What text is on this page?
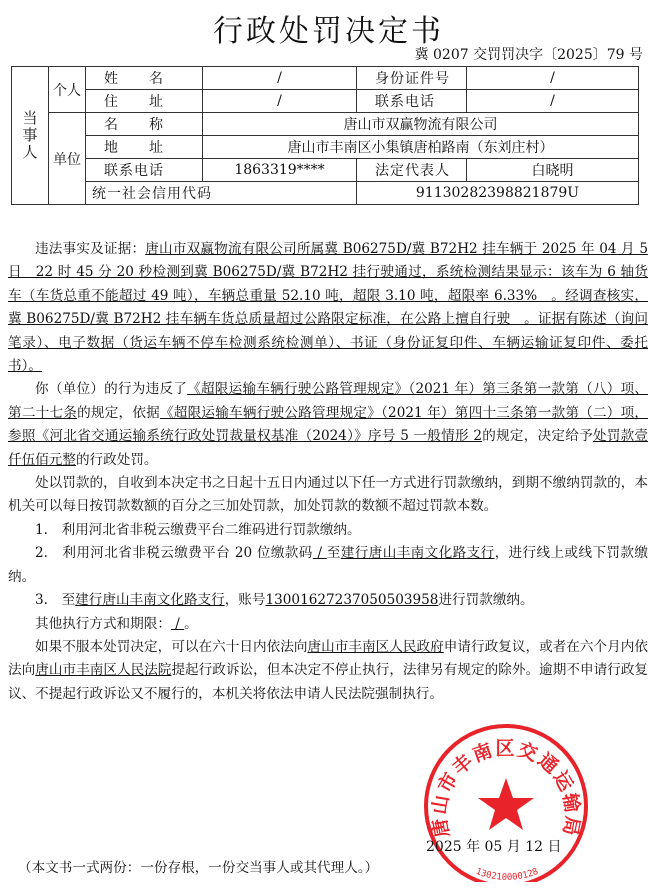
行政处罚决定书
冀 0207 交罚罚决字〔2025〕79 号
当事人	个人	姓　　名	/	身份证件号	/
		住　　址	/	联系电话	/
	单位	名　　称	唐山市双赢物流有限公司		
		地　　址	唐山市丰南区小集镇唐柏路南（东刘庄村）		
		联系电话	1863319****	法定代表人	白晓明
		统一社会信用代码		91130282398821879U	

违法事实及证据：唐山市双赢物流有限公司所属冀 B06275D/冀 B72H2 挂车辆于 2025 年 04 月 5 日　22 时 45 分 20 秒检测到冀 B06275D/冀 B72H2 挂行驶通过，系统检测结果显示：该车为 6 轴货车（车货总重不能超过 49 吨），车辆总重量 52.10 吨，超限 3.10 吨，超限率 6.33%　。经调查核实，冀 B06275D/冀 B72H2 挂车辆车货总质量超过公路限定标准，在公路上擅自行驶　。证据有陈述（询问笔录）、电子数据（货运车辆不停车检测系统检测单）、书证（身份证复印件、车辆运输证复印件、委托书）。

你（单位）的行为违反了《超限运输车辆行驶公路管理规定》（2021 年）第三条第一款第（八）项、第二十七条的规定，依据《超限运输车辆行驶公路管理规定》（2021 年）第四十三条第一款第（二）项，参照《河北省交通运输系统行政处罚裁量权基准（2024）》序号 5 一般情形 2的规定，决定给予处罚款壹仟伍佰元整的行政处罚。

处以罚款的，自收到本决定书之日起十五日内通过以下任一方式进行罚款缴纳，到期不缴纳罚款的，本机关可以每日按罚款数额的百分之三加处罚款，加处罚款的数额不超过罚款本数。

1.　利用河北省非税云缴费平台二维码进行罚款缴纳。

2.　利用河北省非税云缴费平台 20 位缴款码 / 至建行唐山丰南文化路支行，进行线上或线下罚款缴纳。

3.　至建行唐山丰南文化路支行，账号13001627237050503958进行罚款缴纳。

其他执行方式和期限： / 。

如果不服本处罚决定，可以在六十日内依法向唐山市丰南区人民政府申请行政复议，或者在六个月内依法向唐山市丰南区人民法院提起行政诉讼，但本决定不停止执行，法律另有规定的除外。逾期不申请行政复议、不提起行政诉讼又不履行的，本机关将依法申请人民法院强制执行。

唐山市丰南区交通运输局
130210000128
2025 年 05 月 12 日
（本文书一式两份：一份存根，一份交当事人或其代理人。）
